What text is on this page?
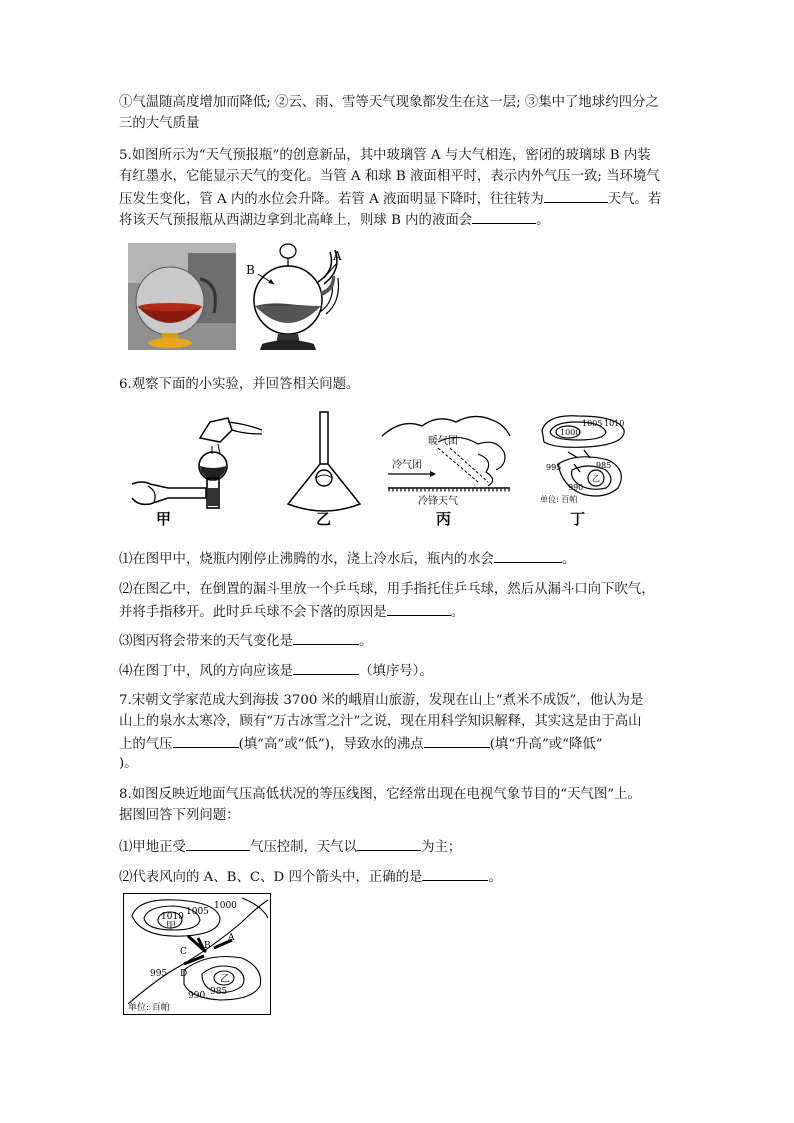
①气温随高度增加而降低; ②云、雨、雪等天气现象都发生在这一层; ③集中了地球约四分之
三的大气质量
5.如图所示为“天气预报瓶”的创意新品，其中玻璃管 A 与大气相连，密闭的玻璃球 B 内装
有红墨水，它能显示天气的变化。当管 A 和球 B 液面相平时，表示内外气压一致; 当环境气
压发生变化，管 A 内的水位会升降。若管 A 液面明显下降时，往往转为	天气。若
将该天气预报瓶从西湖边拿到北高峰上，则球 B 内的液面会	。
B
A
6.观察下面的小实验，并回答相关问题。
甲	乙
暖气团
冷气团
冷锋天气
丙
1000
1005 1010
乙
995
990
985
单位: 百帕
丁
⑴在图甲中，烧瓶内刚停止沸腾的水，浇上冷水后，瓶内的水会	。
⑵在图乙中，在倒置的漏斗里放一个乒乓球，用手指托住乒乓球，然后从漏斗口向下吹气，
并将手指移开。此时乒乓球不会下落的原因是	。
⑶图丙将会带来的天气变化是	。
⑷在图丁中，风的方向应该是	（填序号）。
7.宋朝文学家范成大到海拔 3700 米的峨眉山旅游，发现在山上“煮米不成饭”，他认为是
山上的泉水太寒冷，顾有“万古冰雪之汁”之说，现在用科学知识解释，其实这是由于高山
上的气压	(填“高”或“低”)，导致水的沸点	(填“升高”或“降低”
)。
8.如图反映近地面气压高低状况的等压线图，它经常出现在电视气象节目的“天气图”上。
据图回答下列问题：
⑴甲地正受	气压控制，天气以	为主；
⑵代表风向的 A、B、C、D 四个箭头中，正确的是	。
1010
甲
1005
1000
乙
995
990 985
A
B
C
D
单位: 百帕
